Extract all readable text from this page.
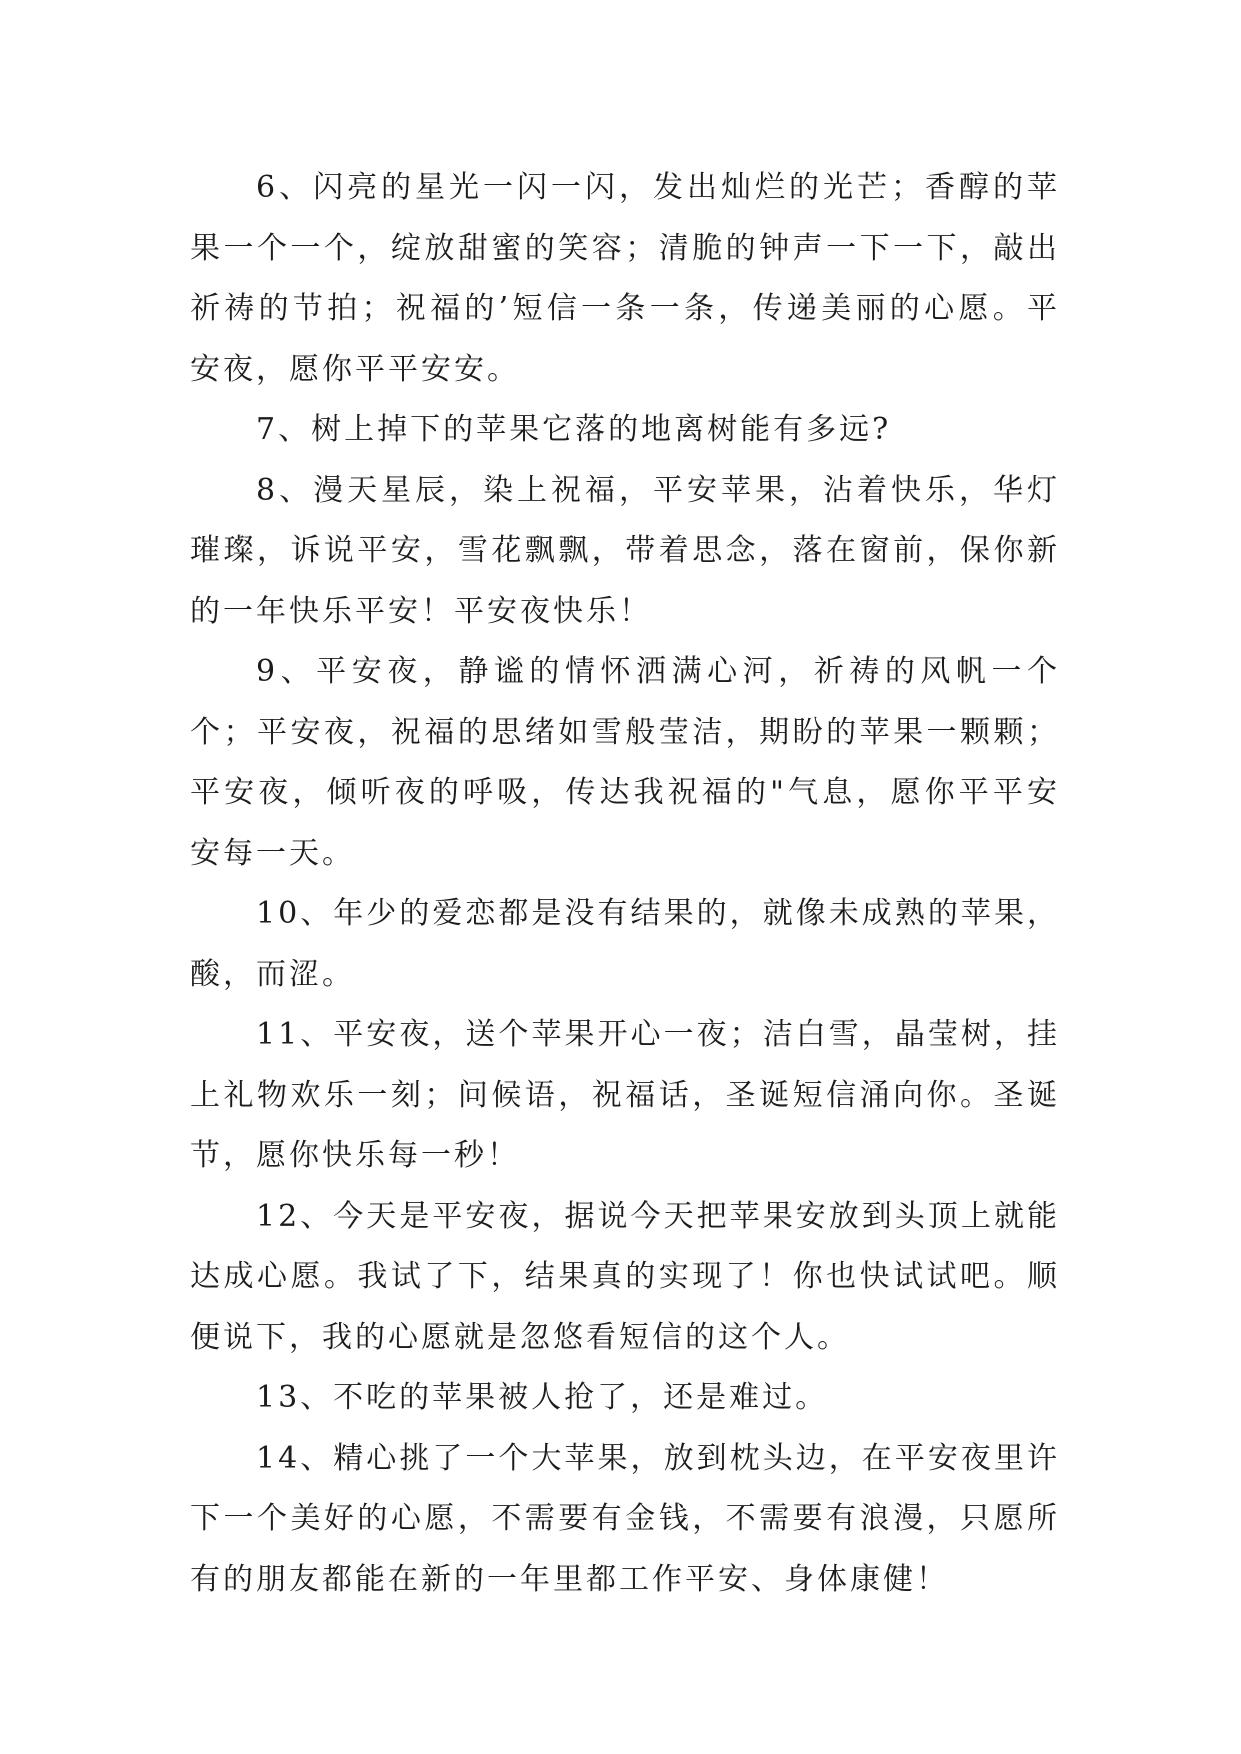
6、闪亮的星光一闪一闪，发出灿烂的光芒；香醇的苹果一个一个，绽放甜蜜的笑容；清脆的钟声一下一下，敲出祈祷的节拍；祝福的’短信一条一条，传递美丽的心愿。平安夜，愿你平平安安。

7、树上掉下的苹果它落的地离树能有多远?

8、漫天星辰，染上祝福，平安苹果，沾着快乐，华灯璀璨，诉说平安，雪花飘飘，带着思念，落在窗前，保你新的一年快乐平安！平安夜快乐！

9、平安夜，静谧的情怀洒满心河，祈祷的风帆一个个；平安夜，祝福的思绪如雪般莹洁，期盼的苹果一颗颗；平安夜，倾听夜的呼吸，传达我祝福的"气息，愿你平平安安每一天。

10、年少的爱恋都是没有结果的，就像未成熟的苹果，酸，而涩。

11、平安夜，送个苹果开心一夜；洁白雪，晶莹树，挂上礼物欢乐一刻；问候语，祝福话，圣诞短信涌向你。圣诞节，愿你快乐每一秒！

12、今天是平安夜，据说今天把苹果安放到头顶上就能达成心愿。我试了下，结果真的实现了！你也快试试吧。顺便说下，我的心愿就是忽悠看短信的这个人。

13、不吃的苹果被人抢了，还是难过。

14、精心挑了一个大苹果，放到枕头边，在平安夜里许下一个美好的心愿，不需要有金钱，不需要有浪漫，只愿所有的朋友都能在新的一年里都工作平安、身体康健！
